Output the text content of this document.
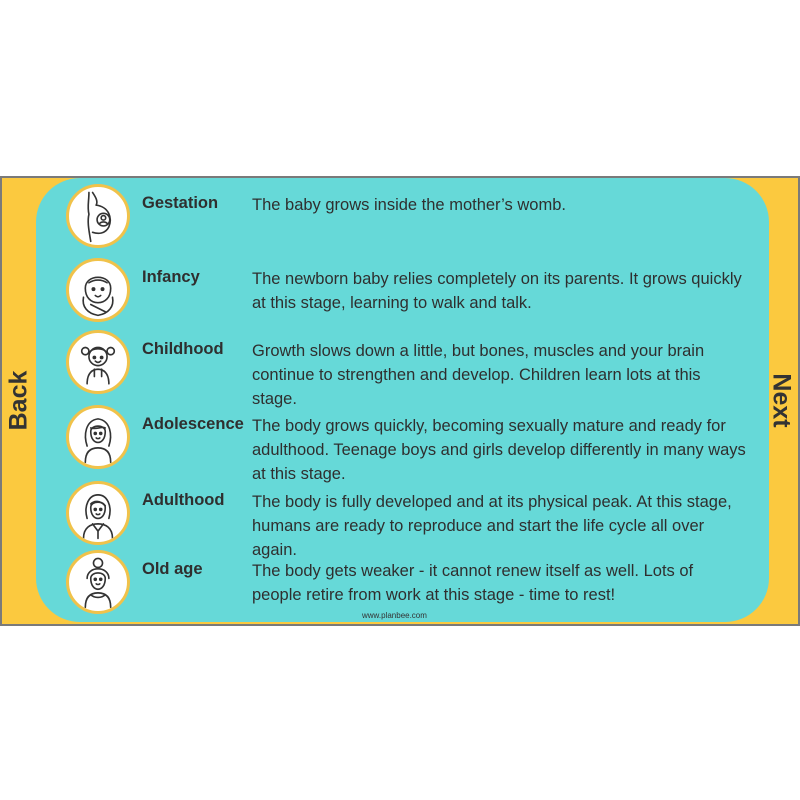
Back
Gestation The baby grows inside the mother’s womb.
Infancy	The newborn baby relies completely on its parents. It grows quickly at this stage, learning to walk and talk.
Childhood Growth slows down a little, but bones, muscles and your brain continue to strengthen and develop. Children learn lots at this stage.
Adolescence The body grows quickly, becoming sexually mature and ready for adulthood. Teenage boys and girls develop differently in many ways at this stage.
Adulthood The body is fully developed and at its physical peak. At this stage, humans are ready to reproduce and start the life cycle all over again.
Old age	The body gets weaker - it cannot renew itself as well. Lots of people retire from work at this stage - time to rest!
www.planbee.com
Next
